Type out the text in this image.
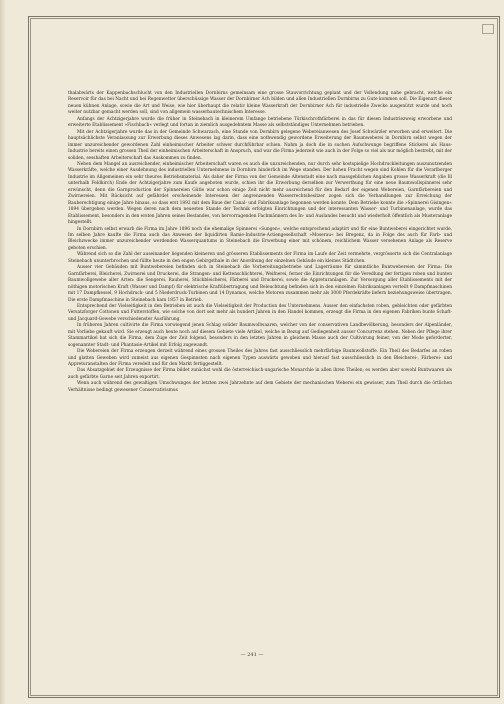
thalabwärts der Kappenbachschlucht von den Industriellen Dornbirns gemeinsam eine grosse Stauvorrichtung geplant und der Vollendung nahe gebracht, welche ein Reservoir für das bei Nacht und bei Regenwetter überschüssige Wasser der Dornbirner Ach bilden und allen Industriellen Dornbirns zu Gute kommen soll. Die Eigenart dieser neuen kühnen Anlage, sowie die Art und Weise, wie hier überhaupt die relativ kleine Wasserkraft der Dornbirner Ach für industrielle Zwecke ausgenützt wurde und noch weiter nutzbar gemacht werden soll, sind von allgemein wasserbautechnischem Interesse.

Anfangs der Achtzigerjahre wurde die früher in Steinebach in kleinerem Umfange betriebene Türkischrothfärberei in das für diesen Industriezweig erworbene und erweiterte Etablissement »Fischbach« verlegt und fortan in ziemlich ausgedehntem Masse als selbstständiges Unternehmen betrieben.

Mit der Achtzigerjahre wurde das in der Gemeinde Schwarzach, eine Stunde von Dornbirn gelegene Webereianwesen des Josef Schwärzler erworben und erweitert. Die hauptsächlichste Veranlassung zur Erwerbung dieses Anwesens lag darin, dass eine nothwendig gewordene Erweiterung der Baumweberei in Dornbirn selbst wegen der immer unzureichender gewordenen Zahl einheimischer Arbeiter schwer durchführbar schien. Nahm ja doch die in suchen Aufschwunge begriffene Stickerei als Haus-Industrie bereits einen grossen Theil der einheimischen Arbeiterschaft in Anspruch, und war die Firma jederzeit wie auch in der Folge so viel als nur möglich bestrebt, mit der soliden, sesshaften Arbeiterschaft das Auskommen zu finden.

Neben dem Mangel an ausreichender, einheimischer Arbeiterschaft waren es auch die unzureichenden, nur durch sehr kostspielige Hochdruckleitungen auszunutzenden Wasserkräfte, welche einer Ausdehnung des industriellen Unternehmens in Dornbirn hinderlich im Wege standen. Der hohen Fracht wegen sind Kohlen für die Vorarlberger Industrie im Allgemeinen ein sehr theures Betriebsmaterial. Als daher der Firma von der Gemeinde Altenstadt eine nach massgeblichen Angaben grosse Wasserkraft (die Ill unterhalb Feldkirch) Ende der Achtzigerjahre zum Kaufe angeboten wurde, schien ihr die Erwerbung derselben zur Verwerthung für eine neue Baumwollspinnerei sehr erwünscht, denn die Garnproduction der Spinnereien Gütle war schon einige Zeit nicht mehr ausreichend für den Bedarf der eigenen Webereien, Garnfärbereien und Zwirnereien. Mit Rücksicht auf gefährdet erscheinende Interessen der angrenzenden Wasserrechtsbesitzer zogen sich die Verhandlungen zur Erreichung der Bauberechtigung einige Jahre hinaus, so dass erst 1892 mit dem Baue der Canal- und Fabriksanlage begonnen werden konnte. Dem Betriebe konnte die »Spinnerei Gisingen« 1894 übergeben werden. Wegen deren nach dem neuesten Stande der Technik erfolgten Einrichtungen und der interessanten Wasser- und Turbinenanlage, wurde das Etablissement, besonders in den ersten Jahren seines Bestandes, von hervorragenden Fachmännern des In- und Auslandes besucht und wiederholt öffentlich als Musteranlage hingestellt.

In Dornbirn selbst erwarb die Firma im Jahre 1896 noch die ehemalige Spinnerei »Sungen«, welche entsprechend adaptirt und für eine Buntweberei eingerichtet wurde. Im selben Jahre kaufte die Firma auch das Anwesen der liquidirten Ramie-Industrie-Actiengesellschaft »Moserau« bei Bregenz, da in Folge des auch für Farb- und Bleichzwecke immer unzureichender werdenden Wasserquantums in Steinebach die Erwerbung einer mit schönem, reichlichem Wasser versehenen Anlage als Reserve geboten erschien.

Während sich so die Zahl der auseinander liegenden kleineren und grösseren Etablissements der Firma im Laufe der Zeit vermehrte, vergrösserte sich die Centralanlage Steinebach ununterbrochen und füllte heute in den engen Gebirgsthale in der Anordnung der einzelnen Gebäude ein kleines Städtchen.

Ausser vier Gebäuden mit Buntwebereien befinden sich in Steinebach die Vorbereitungsbetriebe und Lagerräume für sämmtliche Buntwebereien der Firma: Die Garnfärberei, Bleicherei, Zwirnerei und Druckerei, die Strangen- und Kettenschlichterei, Weifnerei, ferner die Einrichtungen für die Veredlung der fertigen roben und bunten Baumwollgewebe aller Arten: die Sengerei, Rauherei, Stückbleicherei, Färberei und Druckerei, sowie die Appreturanlagen. Zur Versorgung aller Etablissements mit der nöthigen motorischen Kraft (Wasser und Dampf) für elektrische Kraftübertragung und Beleuchtung befinden sich in den einzelnen Fabriksanlagen verteilt 9 Dampfmaschinen mit 17 Dampfkessel, 9 Hochdruck- und 5 Niederdruck-Turbinen und 14 Dynamos, welche Motoren zusammen mehr als 3000 Pferdekräfte liefern beziehungsweise übertragen. Die erste Dampfmaschine in Steinebach kam 1857 in Betrieb.

Entsprechend der Vielseitigkeit in den Betrieben ist auch die Vielseitigkeit der Production des Unternehmens. Ausser den einfachsten roben, gebleichten oder gefärbten Versatzforger Cottonen und Futterstoffen, wie solche von dort seit mehr als hundert Jahren in den Handel kommen, erzeugt die Firma in den eigenen Fabriken bunte Schaft- und Jacquard-Gewebe verschiedenster Ausführung.

In früheren Jahren cultivirte die Firma vorwiegend jenen Schlag solider Baumwollwaaren, welcher von der conservativen Landbevölkerung, besonders der Alpenländer, mit Vorliebe gekauft wird. Sie erzeugt auch heute noch auf diesem Gebiete viele Artikel, welche in Bezug auf Gediegenheit ausser Concurrenz stehen. Neben der Pflege ihrer Stammartikel hat sich die Firma, dem Zuge der Zeit folgend, besonders in den letzten Jahren in gleichem Masse auch der Cultivirung feiner, von der Mode geforderter, sogenannter Stadt- und Phantasie-Artikel mit Erfolg zugewandt.

Die Webereien der Firma erzeugen derzeit während eines grossen Theiles des Jahres fast ausschliesslich mehrfärbige Baumwollstoffe. Ein Theil des Bedarfes an roben und glatten Geweben wird zumeist aus eigenen Gespinnsten nach eigenen Typen auswärts gewoben und hierauf fast ausschliesslich in den Bleicherei-, Färberei- und Appreturanstalten der Firma veredelt und für den Markt fertiggestellt.

Das Absatzgebiet der Erzeugnisse der Firma bildet zunächst wohl die österreichisch-ungarische Monarchie in allen ihren Theilen; es werden aber sowohl Buntwaaren als auch gefärbte Garne seit Jahren exportirt.

Wenn auch während des gewaltigen Umschwunges der letzten zwei Jahrzehnte auf dem Gebiete der mechanischen Weberei ein gewisser, zum Theil durch die örtlichen Verhältnisse bedingt gewesener Conservativismus

— 241 —
